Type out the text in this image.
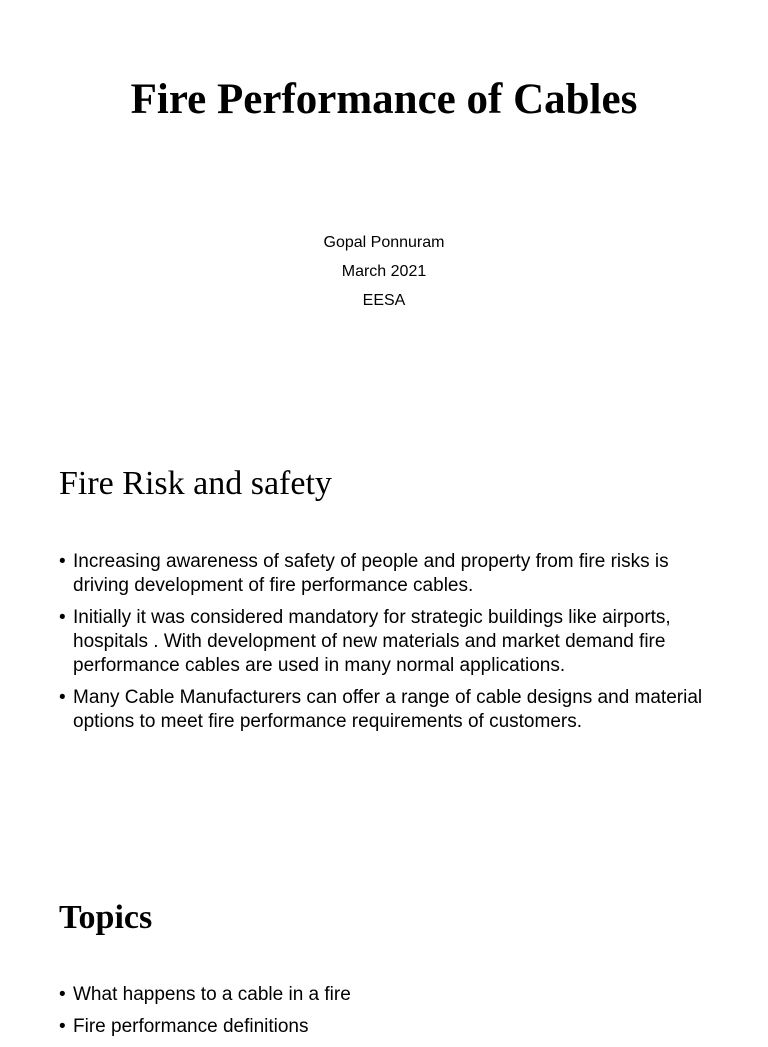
Fire Performance of Cables
Gopal Ponnuram
March 2021
EESA
Fire Risk and safety
• Increasing awareness of safety of people and property from fire risks is driving development of fire performance cables.
• Initially it was considered mandatory for strategic buildings like airports, hospitals . With development of new materials and market demand fire performance cables are used in many normal applications.
• Many Cable Manufacturers can offer a range of cable designs and material options to meet fire performance requirements of customers.
Topics
• What happens to a cable in a fire
• Fire performance definitions
